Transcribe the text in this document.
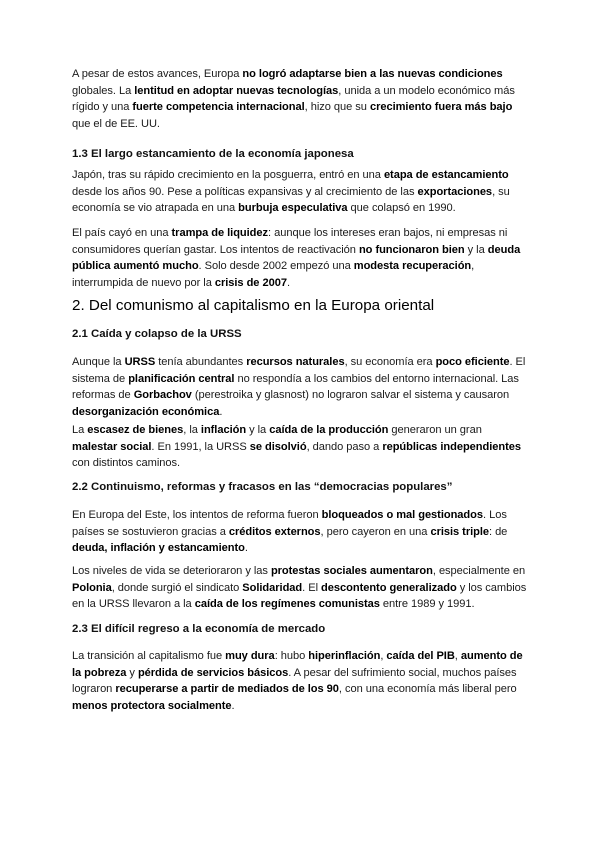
A pesar de estos avances, Europa no logró adaptarse bien a las nuevas condiciones globales. La lentitud en adoptar nuevas tecnologías, unida a un modelo económico más rígido y una fuerte competencia internacional, hizo que su crecimiento fuera más bajo que el de EE. UU.

1.3 El largo estancamiento de la economía japonesa

Japón, tras su rápido crecimiento en la posguerra, entró en una etapa de estancamiento desde los años 90. Pese a políticas expansivas y al crecimiento de las exportaciones, su economía se vio atrapada en una burbuja especulativa que colapsó en 1990.

El país cayó en una trampa de liquidez: aunque los intereses eran bajos, ni empresas ni consumidores querían gastar. Los intentos de reactivación no funcionaron bien y la deuda pública aumentó mucho. Solo desde 2002 empezó una modesta recuperación, interrumpida de nuevo por la crisis de 2007.

2. Del comunismo al capitalismo en la Europa oriental
2.1 Caída y colapso de la URSS

Aunque la URSS tenía abundantes recursos naturales, su economía era poco eficiente. El sistema de planificación central no respondía a los cambios del entorno internacional. Las reformas de Gorbachov (perestroika y glasnost) no lograron salvar el sistema y causaron desorganización económica.

La escasez de bienes, la inflación y la caída de la producción generaron un gran malestar social. En 1991, la URSS se disolvió, dando paso a repúblicas independientes con distintos caminos.

2.2 Continuismo, reformas y fracasos en las “democracias populares”

En Europa del Este, los intentos de reforma fueron bloqueados o mal gestionados. Los países se sostuvieron gracias a créditos externos, pero cayeron en una crisis triple: de deuda, inflación y estancamiento.

Los niveles de vida se deterioraron y las protestas sociales aumentaron, especialmente en Polonia, donde surgió el sindicato Solidaridad. El descontento generalizado y los cambios en la URSS llevaron a la caída de los regímenes comunistas entre 1989 y 1991.

2.3 El difícil regreso a la economía de mercado

La transición al capitalismo fue muy dura: hubo hiperinflación, caída del PIB, aumento de la pobreza y pérdida de servicios básicos. A pesar del sufrimiento social, muchos países lograron recuperarse a partir de mediados de los 90, con una economía más liberal pero menos protectora socialmente.
